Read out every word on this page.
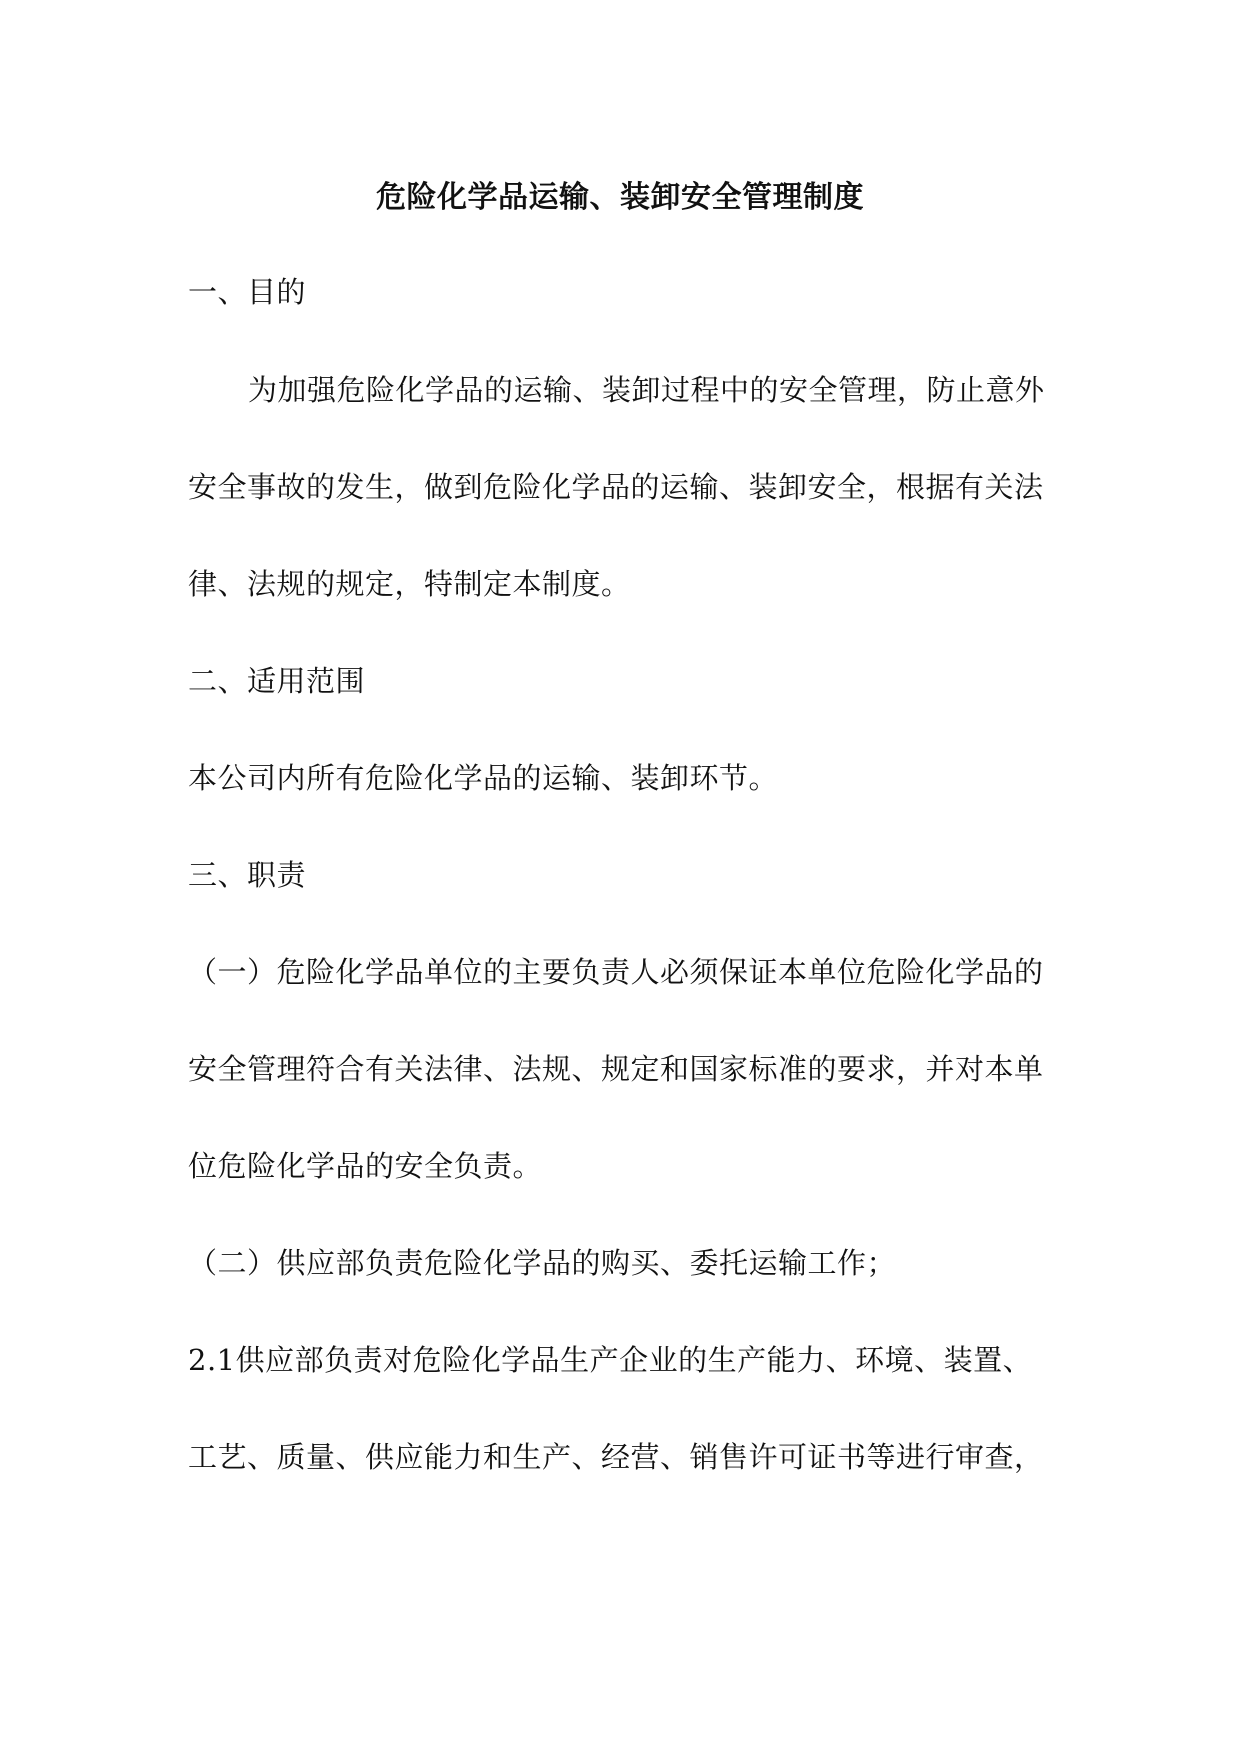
危险化学品运输、装卸安全管理制度
一、目的
为加强危险化学品的运输、装卸过程中的安全管理，防止意外
安全事故的发生，做到危险化学品的运输、装卸安全，根据有关法
律、法规的规定，特制定本制度。
二、适用范围
本公司内所有危险化学品的运输、装卸环节。
三、职责
（一）危险化学品单位的主要负责人必须保证本单位危险化学品的
安全管理符合有关法律、法规、规定和国家标准的要求，并对本单
位危险化学品的安全负责。
（二）供应部负责危险化学品的购买、委托运输工作；
2.1供应部负责对危险化学品生产企业的生产能力、环境、装置、
工艺、质量、供应能力和生产、经营、销售许可证书等进行审查，
